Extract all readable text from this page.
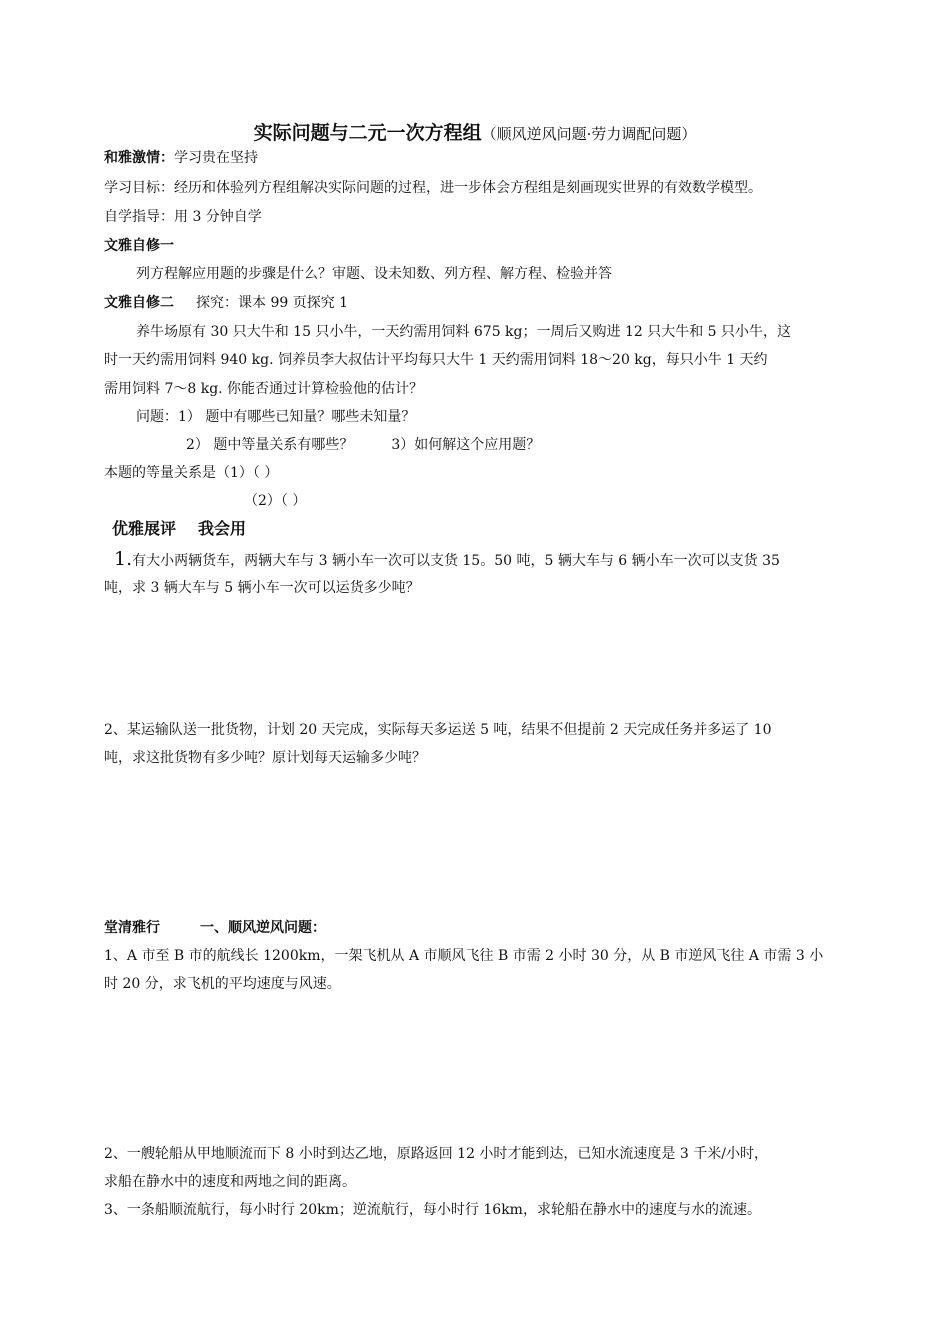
实际问题与二元一次方程组（顺风逆风问题·劳力调配问题）
和雅激情：学习贵在坚持
学习目标：经历和体验列方程组解决实际问题的过程，进一步体会方程组是刻画现实世界的有效数学模型。
自学指导：用 3 分钟自学
文雅自修一
列方程解应用题的步骤是什么？审题、设未知数、列方程、解方程、检验并答
文雅自修二 探究：课本 99 页探究 1
养牛场原有 30 只大牛和 15 只小牛，一天约需用饲料 675 kg；一周后又购进 12 只大牛和 5 只小牛，这
时一天约需用饲料 940 kg. 饲养员李大叔估计平均每只大牛 1 天约需用饲料 18～20 kg，每只小牛 1 天约
需用饲料 7～8 kg. 你能否通过计算检验他的估计？
问题：1） 题中有哪些已知量？哪些未知量？
2） 题中等量关系有哪些？	3）如何解这个应用题？
本题的等量关系是（1）（ ）
（2）（ ）
优雅展评 我会用
1.有大小两辆货车，两辆大车与 3 辆小车一次可以支货 15。50 吨，5 辆大车与 6 辆小车一次可以支货 35
吨，求 3 辆大车与 5 辆小车一次可以运货多少吨？
2、某运输队送一批货物，计划 20 天完成，实际每天多运送 5 吨，结果不但提前 2 天完成任务并多运了 10
吨，求这批货物有多少吨？原计划每天运输多少吨？
堂清雅行	一、顺风逆风问题：
1、A 市至 B 市的航线长 1200km，一架飞机从 A 市顺风飞往 B 市需 2 小时 30 分，从 B 市逆风飞往 A 市需 3 小
时 20 分，求飞机的平均速度与风速。
2、一艘轮船从甲地顺流而下 8 小时到达乙地，原路返回 12 小时才能到达，已知水流速度是 3 千米/小时，
求船在静水中的速度和两地之间的距离。
3、一条船顺流航行，每小时行 20km；逆流航行，每小时行 16km，求轮船在静水中的速度与水的流速。
